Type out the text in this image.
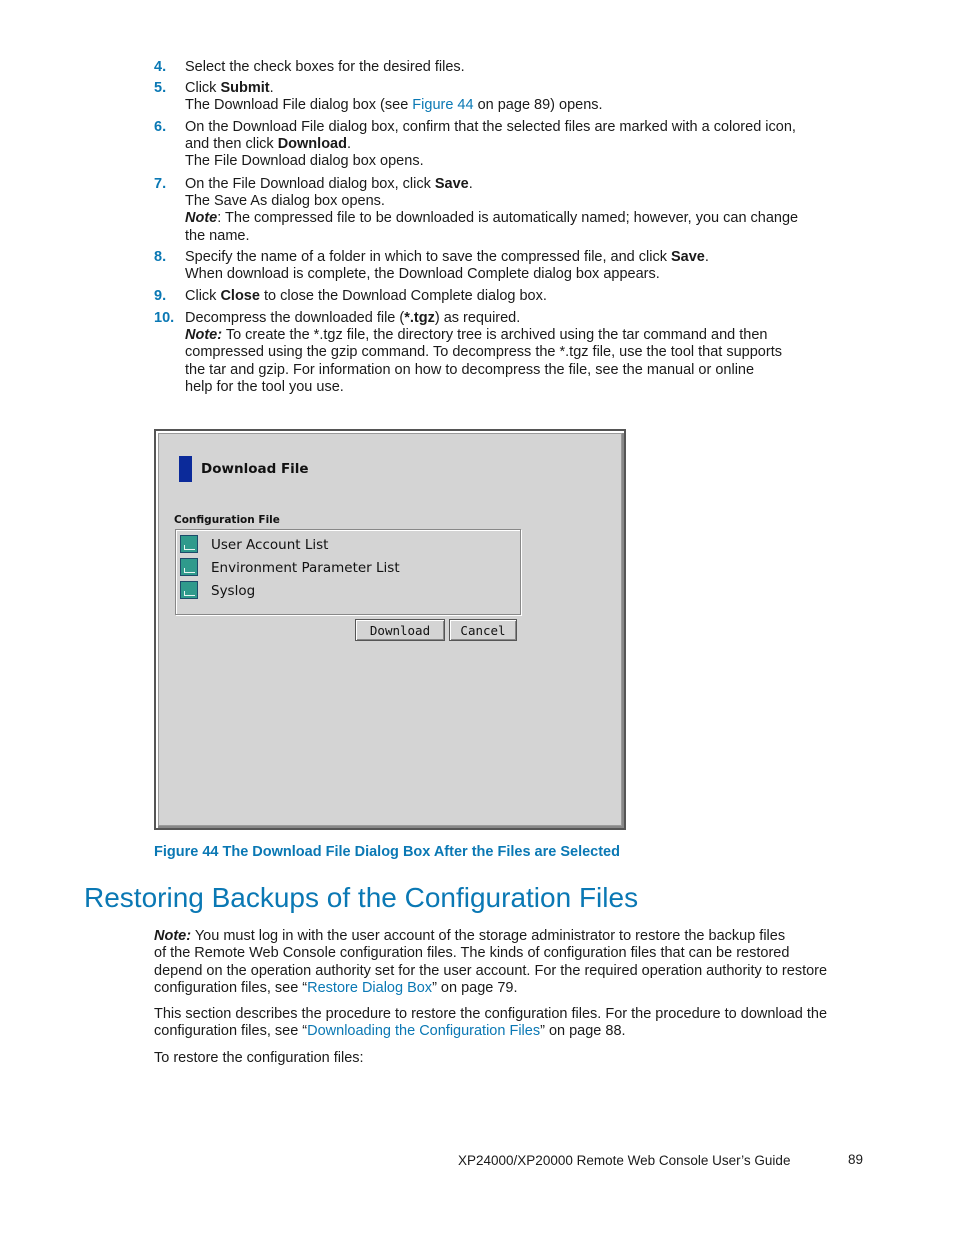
4. Select the check boxes for the desired files.
5. Click Submit.
The Download File dialog box (see Figure 44 on page 89) opens.
6. On the Download File dialog box, confirm that the selected files are marked with a colored icon,
and then click Download.
The File Download dialog box opens.
7. On the File Download dialog box, click Save.
The Save As dialog box opens.
Note: The compressed file to be downloaded is automatically named; however, you can change
the name.
8. Specify the name of a folder in which to save the compressed file, and click Save.
When download is complete, the Download Complete dialog box appears.
9. Click Close to close the Download Complete dialog box.
10. Decompress the downloaded file (*.tgz) as required.
Note: To create the *.tgz file, the directory tree is archived using the tar command and then
compressed using the gzip command. To decompress the *.tgz file, use the tool that supports
the tar and gzip. For information on how to decompress the file, see the manual or online
help for the tool you use.
Download File
Configuration File
User Account List
Environment Parameter List
Syslog
Download	Cancel
Figure 44 The Download File Dialog Box After the Files are Selected
Restoring Backups of the Configuration Files
Note: You must log in with the user account of the storage administrator to restore the backup files
of the Remote Web Console configuration files. The kinds of configuration files that can be restored
depend on the operation authority set for the user account. For the required operation authority to restore
configuration files, see “Restore Dialog Box” on page 79.
This section describes the procedure to restore the configuration files. For the procedure to download the
configuration files, see “Downloading the Configuration Files” on page 88.
To restore the configuration files:
XP24000/XP20000 Remote Web Console User’s Guide	89
